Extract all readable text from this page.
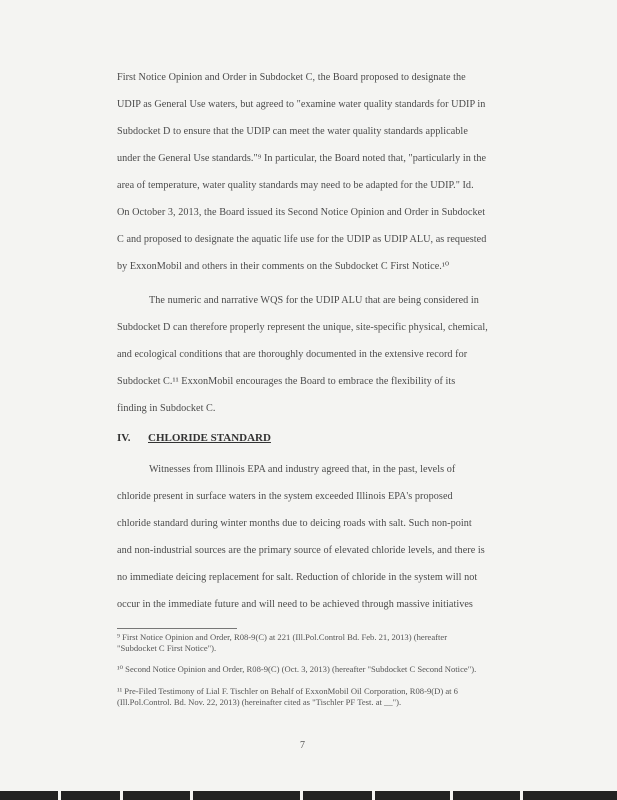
First Notice Opinion and Order in Subdocket C, the Board proposed to designate the
UDIP as General Use waters, but agreed to "examine water quality standards for UDIP in
Subdocket D to ensure that the UDIP can meet the water quality standards applicable
under the General Use standards."⁹ In particular, the Board noted that, "particularly in the
area of temperature, water quality standards may need to be adapted for the UDIP." Id.
On October 3, 2013, the Board issued its Second Notice Opinion and Order in Subdocket
C and proposed to designate the aquatic life use for the UDIP as UDIP ALU, as requested
by ExxonMobil and others in their comments on the Subdocket C First Notice.¹⁰
The numeric and narrative WQS for the UDIP ALU that are being considered in
Subdocket D can therefore properly represent the unique, site-specific physical, chemical,
and ecological conditions that are thoroughly documented in the extensive record for
Subdocket C.¹¹ ExxonMobil encourages the Board to embrace the flexibility of its
finding in Subdocket C.
Witnesses from Illinois EPA and industry agreed that, in the past, levels of
chloride present in surface waters in the system exceeded Illinois EPA's proposed
chloride standard during winter months due to deicing roads with salt. Such non-point
and non-industrial sources are the primary source of elevated chloride levels, and there is
no immediate deicing replacement for salt. Reduction of chloride in the system will not
occur in the immediate future and will need to be achieved through massive initiatives
IV. CHLORIDE STANDARD
⁹ First Notice Opinion and Order, R08-9(C) at 221 (Ill.Pol.Control Bd. Feb. 21, 2013) (hereafter
"Subdocket C First Notice").
¹⁰ Second Notice Opinion and Order, R08-9(C) (Oct. 3, 2013) (hereafter "Subdocket C Second Notice").
¹¹ Pre-Filed Testimony of Lial F. Tischler on Behalf of ExxonMobil Oil Corporation, R08-9(D) at 6
(Ill.Pol.Control. Bd. Nov. 22, 2013) (hereinafter cited as "Tischler PF Test. at __").
7
